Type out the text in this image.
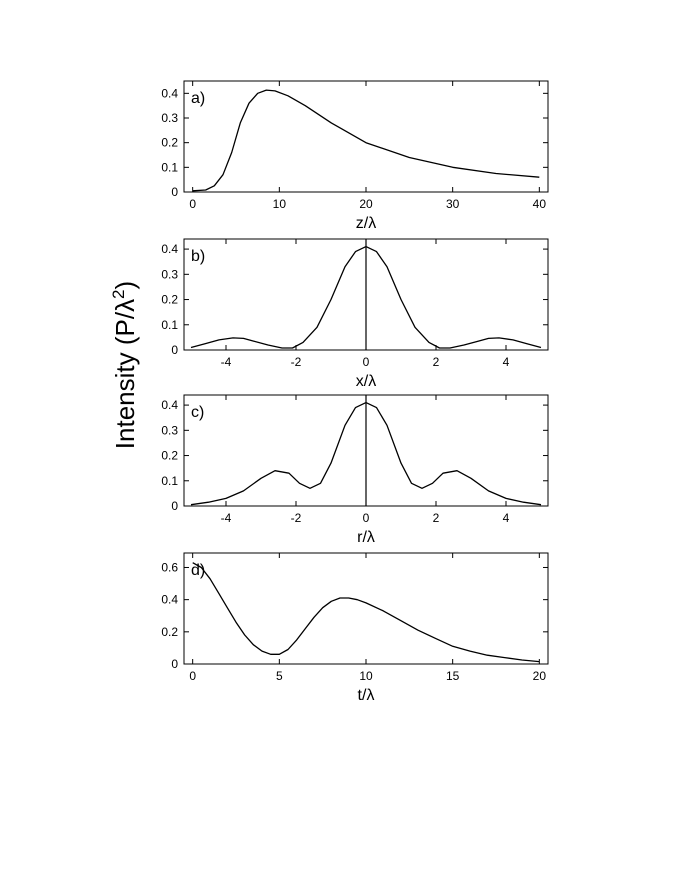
Intensity $(P/\lambda^2)$
0	10	20	30	40
0
0.1
0.2
0.3
0.4 a)
z/λ
-4	-2	0	2	4
0
0.1
0.2
0.3
0.4 b)
x/λ
-4	-2	0	2	4
0
0.1
0.2
0.3
0.4 c)
r/λ
0	5	10	15	20
0
0.2
0.4
0.6 d)
t/λ
